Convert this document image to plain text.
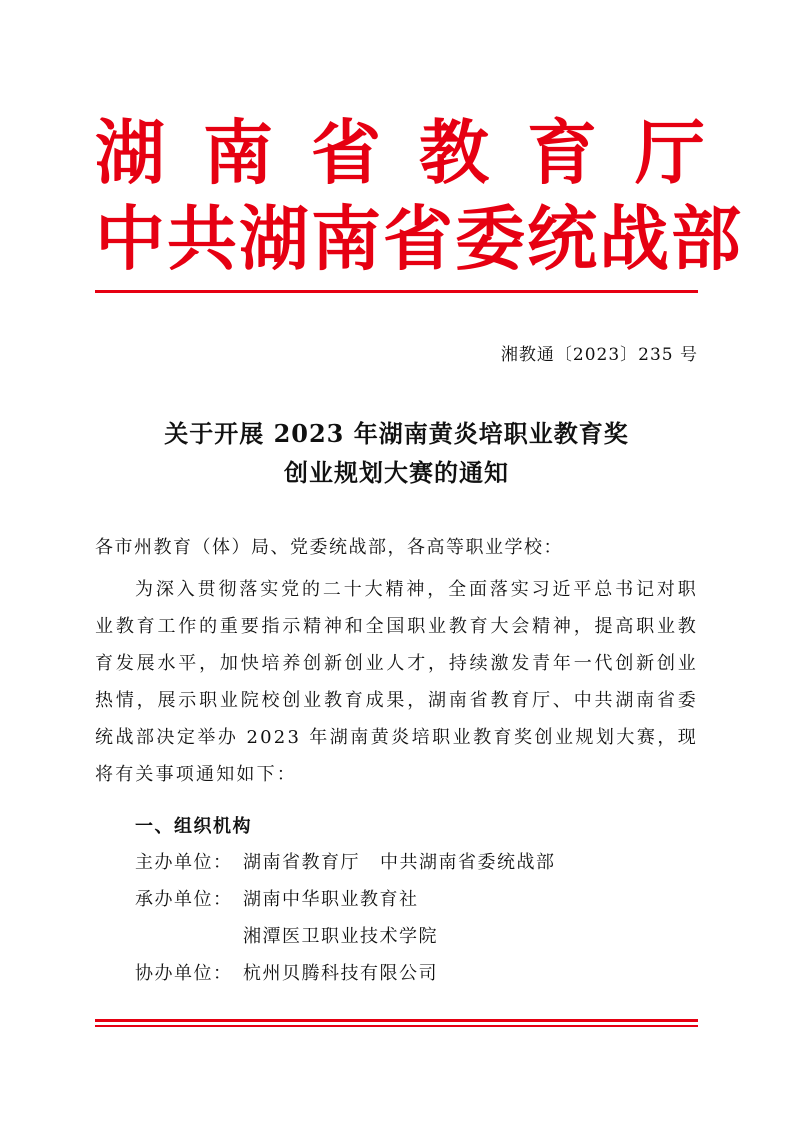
湖南省教育厅
中共湖南省委统战部
湘教通〔2023〕235 号
关于开展 2023 年湖南黄炎培职业教育奖
创业规划大赛的通知
各市州教育（体）局、党委统战部，各高等职业学校：
为深入贯彻落实党的二十大精神，全面落实习近平总书记对职业教育工作的重要指示精神和全国职业教育大会精神，提高职业教育发展水平，加快培养创新创业人才，持续激发青年一代创新创业热情，展示职业院校创业教育成果，湖南省教育厅、中共湖南省委统战部决定举办 2023 年湖南黄炎培职业教育奖创业规划大赛，现将有关事项通知如下：
一、组织机构
主办单位： 湖南省教育厅 中共湖南省委统战部
承办单位： 湖南中华职业教育社
湘潭医卫职业技术学院
协办单位： 杭州贝腾科技有限公司
